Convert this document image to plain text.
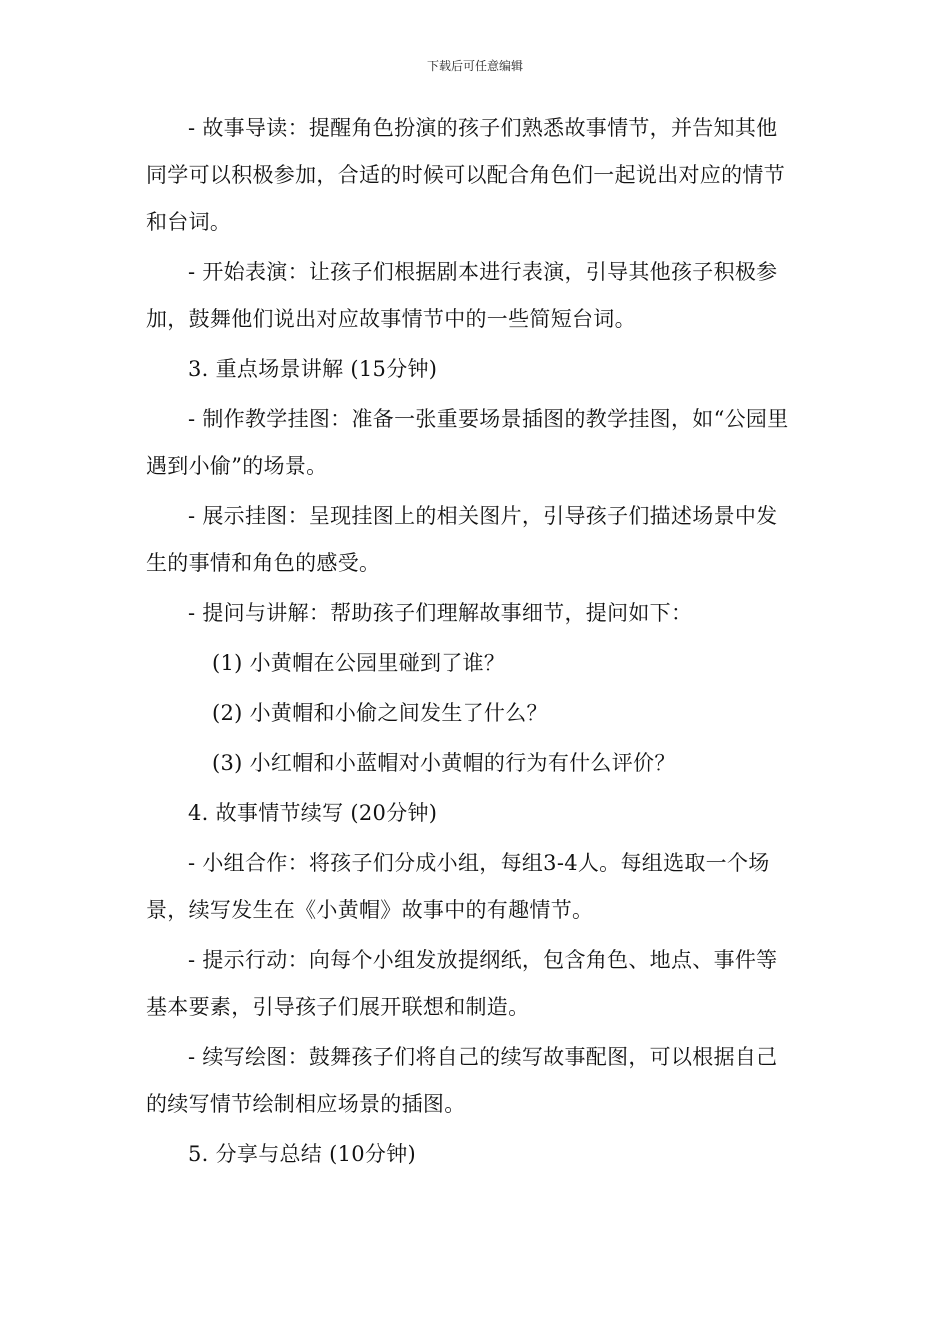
下载后可任意编辑

- 故事导读：提醒角色扮演的孩子们熟悉故事情节，并告知其他同学可以积极参加，合适的时候可以配合角色们一起说出对应的情节和台词。

- 开始表演：让孩子们根据剧本进行表演，引导其他孩子积极参加，鼓舞他们说出对应故事情节中的一些简短台词。

3. 重点场景讲解 (15分钟)

- 制作教学挂图：准备一张重要场景插图的教学挂图，如“公园里遇到小偷”的场景。

- 展示挂图：呈现挂图上的相关图片，引导孩子们描述场景中发生的事情和角色的感受。

- 提问与讲解：帮助孩子们理解故事细节，提问如下：

(1) 小黄帽在公园里碰到了谁？

(2) 小黄帽和小偷之间发生了什么？

(3) 小红帽和小蓝帽对小黄帽的行为有什么评价？

4. 故事情节续写 (20分钟)

- 小组合作：将孩子们分成小组，每组3-4人。每组选取一个场景，续写发生在《小黄帽》故事中的有趣情节。

- 提示行动：向每个小组发放提纲纸，包含角色、地点、事件等基本要素，引导孩子们展开联想和制造。

- 续写绘图：鼓舞孩子们将自己的续写故事配图，可以根据自己的续写情节绘制相应场景的插图。

5. 分享与总结 (10分钟)
